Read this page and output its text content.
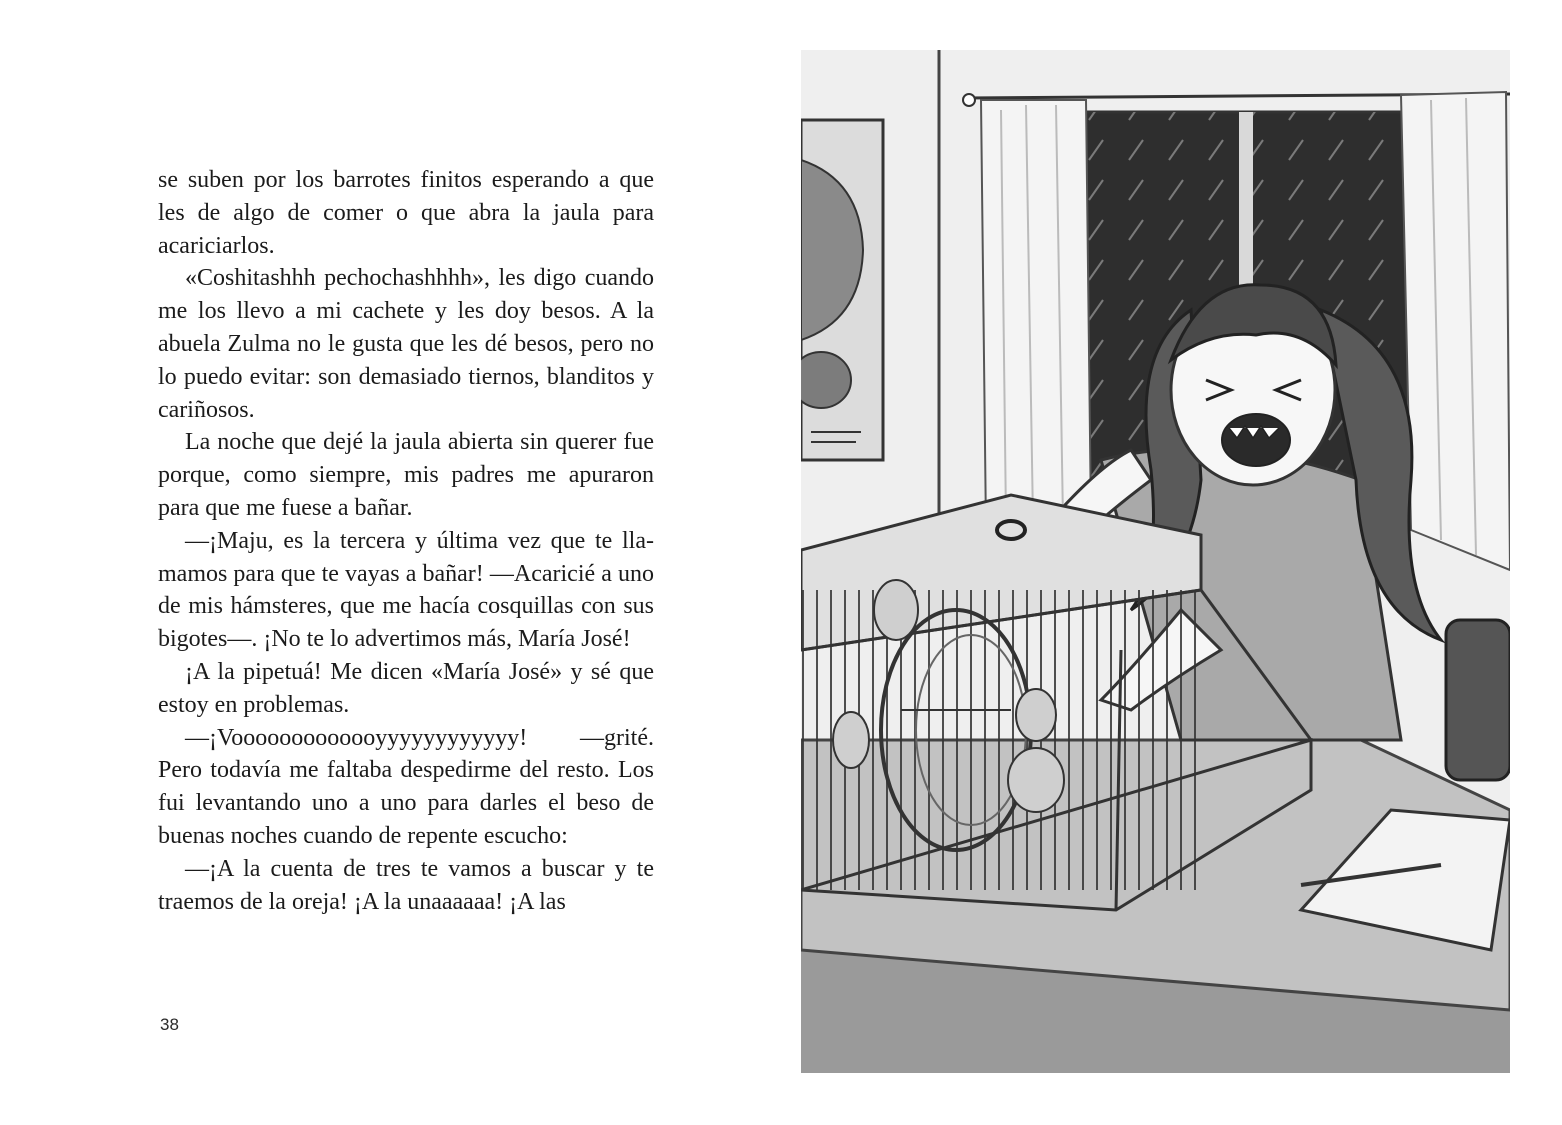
se suben por los barrotes finitos esperando a que les de algo de comer o que abra la jaula para acariciarlos.

«Coshitashhh pechochashhhh», les digo cuando me los llevo a mi cachete y les doy besos. A la abuela Zulma no le gusta que les dé besos, pero no lo puedo evitar: son demasiado tiernos, blanditos y cariñosos.

La noche que dejé la jaula abierta sin querer fue porque, como siempre, mis padres me apuraron para que me fuese a bañar.

—¡Maju, es la tercera y última vez que te llamamos para que te vayas a bañar! —Acaricié a uno de mis hámsteres, que me hacía cosquillas con sus bigotes—. ¡No te lo advertimos más, María José!

¡A la pipetuá! Me dicen «María José» y sé que estoy en problemas.

—¡Vooooooooooooyyyyyyyyyyyy! —grité. Pero todavía me faltaba despedirme del resto. Los fui levantando uno a uno para darles el beso de buenas noches cuando de repente escucho:

—¡A la cuenta de tres te vamos a buscar y te traemos de la oreja! ¡A la unaaaaaa! ¡A las

38
